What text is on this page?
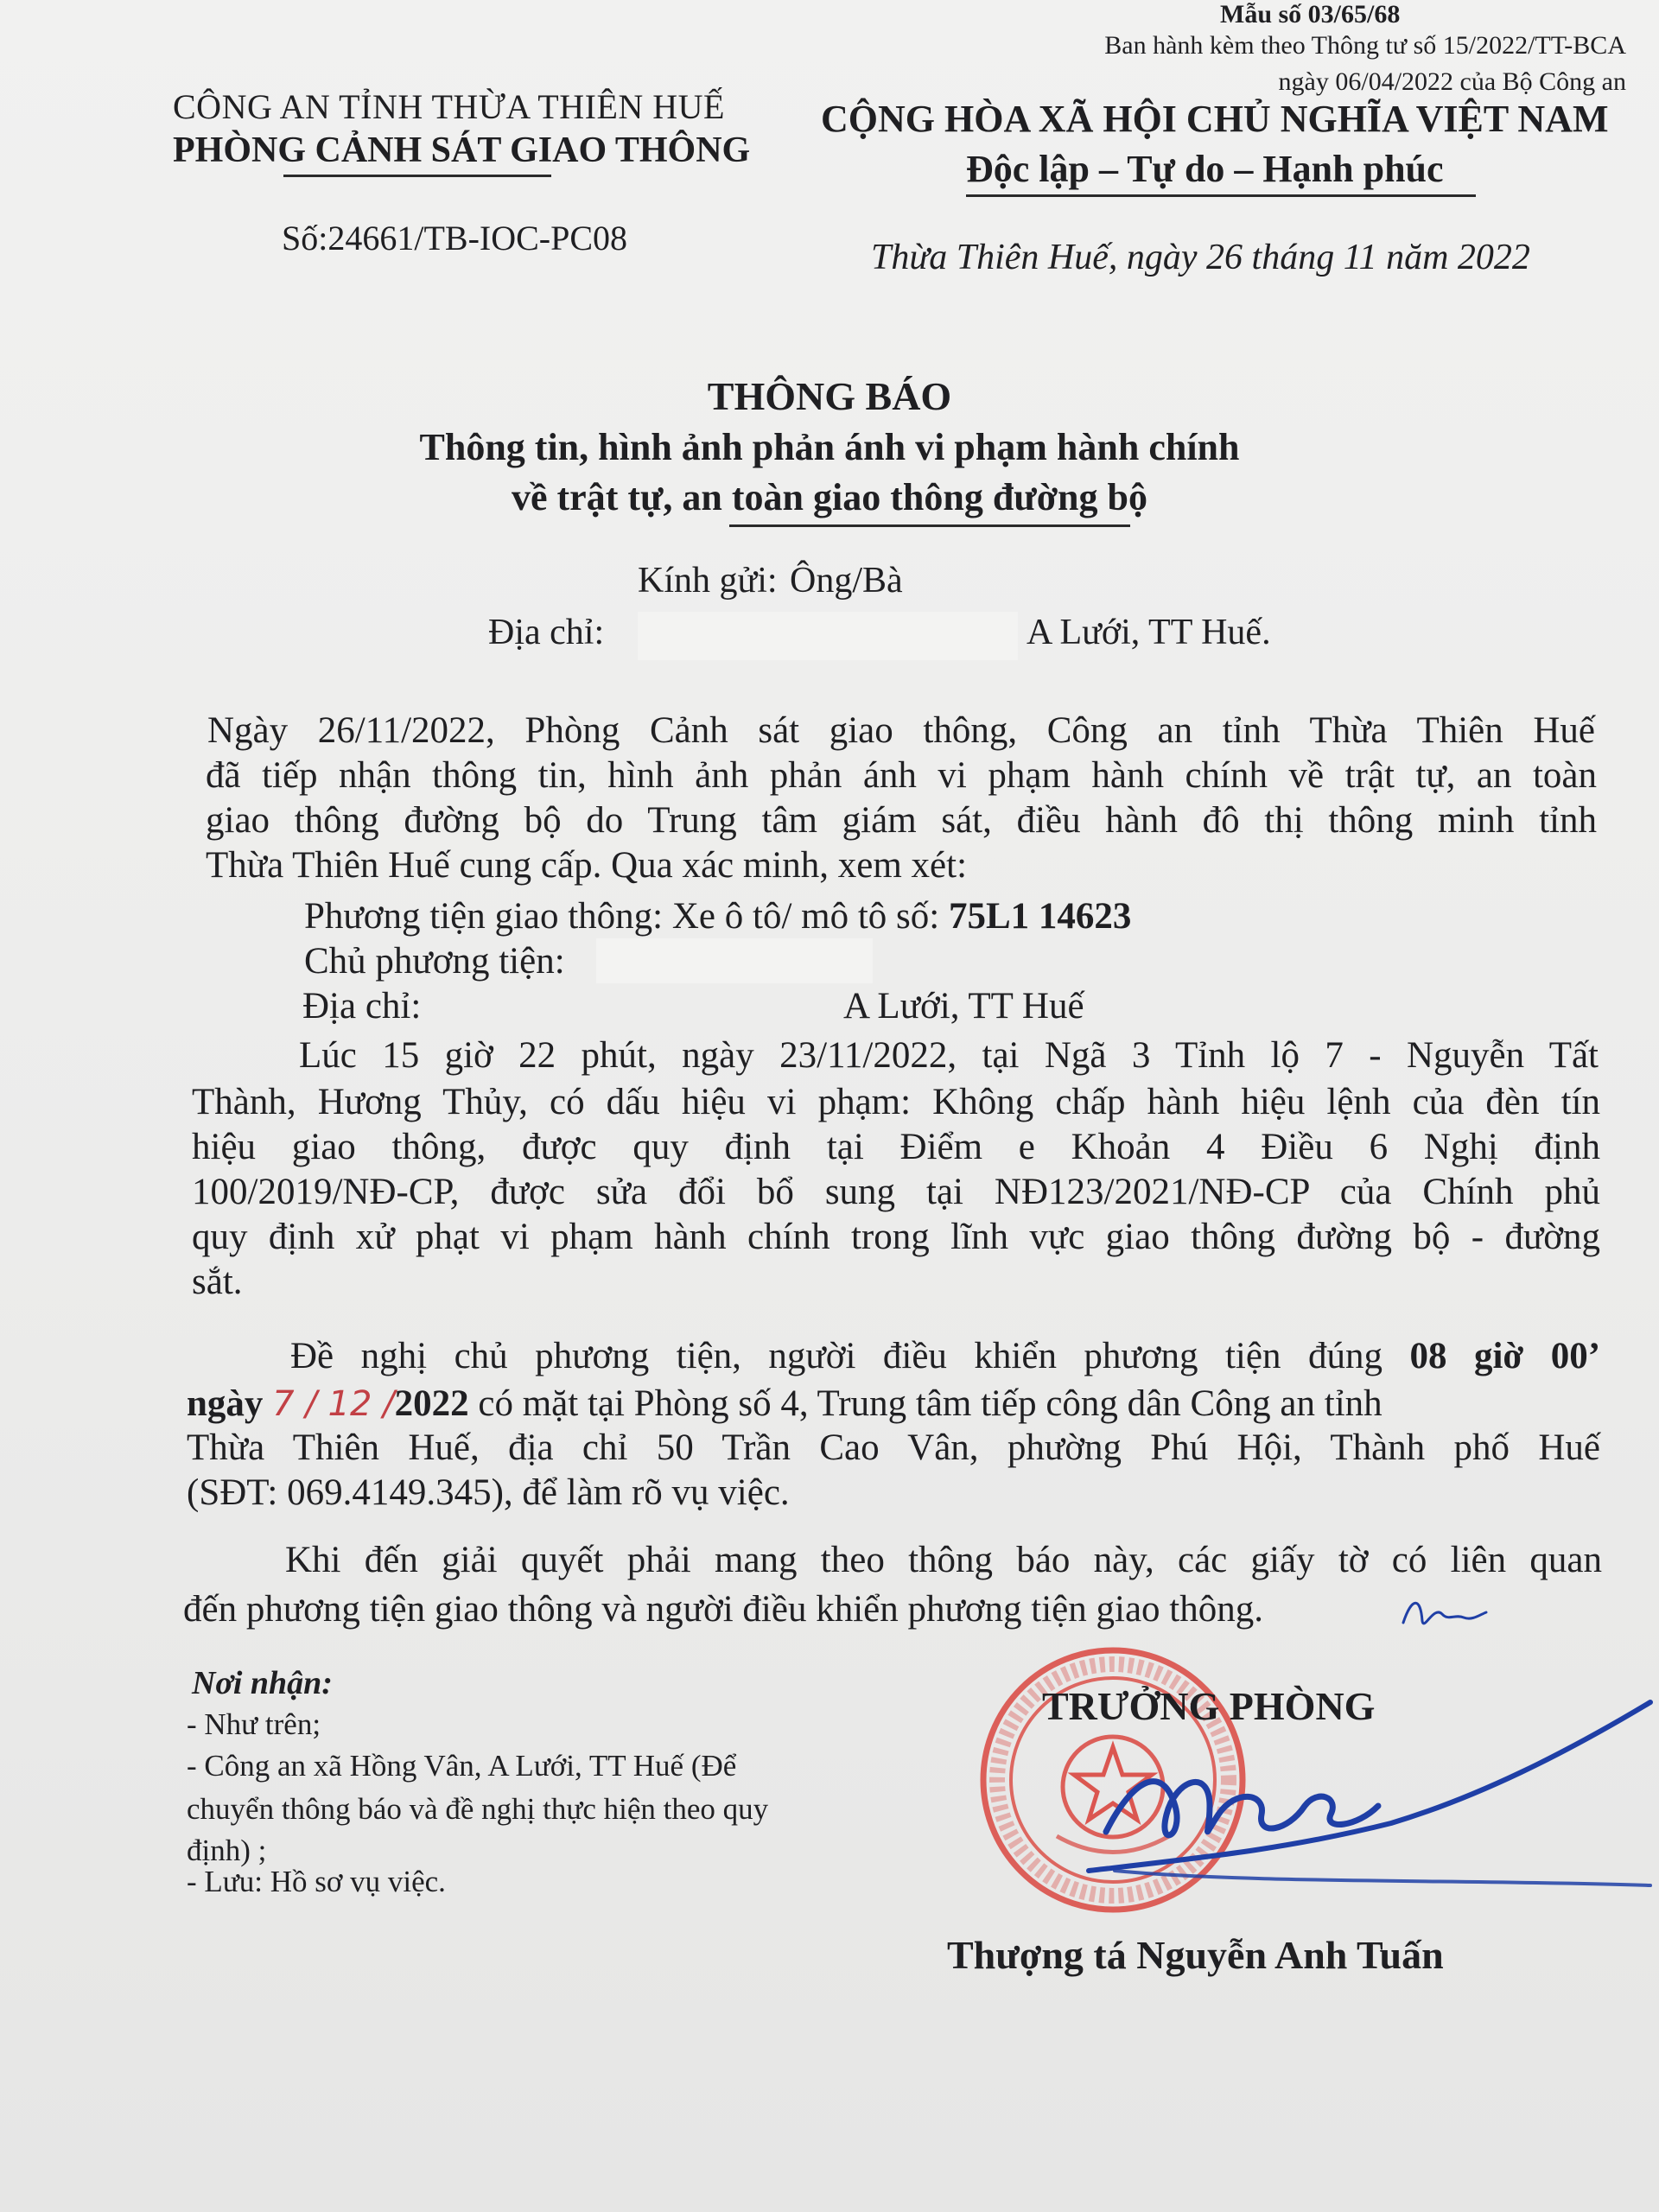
Mẫu số 03/65/68
Ban hành kèm theo Thông tư số 15/2022/TT-BCA
ngày 06/04/2022 của Bộ Công an
CÔNG AN TỈNH THỪA THIÊN HUẾ
PHÒNG CẢNH SÁT GIAO THÔNG
Số:24661/TB-IOC-PC08
CỘNG HÒA XÃ HỘI CHỦ NGHĨA VIỆT NAM
Độc lập – Tự do – Hạnh phúc
Thừa Thiên Huế, ngày 26 tháng 11 năm 2022
THÔNG BÁO
Thông tin, hình ảnh phản ánh vi phạm hành chính
về trật tự, an toàn giao thông đường bộ
Kính gửi: Ông/Bà
Địa chỉ:	A Lưới, TT Huế.
Ngày 26/11/2022, Phòng Cảnh sát giao thông, Công an tỉnh Thừa Thiên Huế
đã tiếp nhận thông tin, hình ảnh phản ánh vi phạm hành chính về trật tự, an toàn
giao thông đường bộ do Trung tâm giám sát, điều hành đô thị thông minh tỉnh
Thừa Thiên Huế cung cấp. Qua xác minh, xem xét:
Phương tiện giao thông: Xe ô tô/ mô tô số: 75L1 14623
Chủ phương tiện:
Địa chỉ:	A Lưới, TT Huế
Lúc 15 giờ 22 phút, ngày 23/11/2022, tại Ngã 3 Tỉnh lộ 7 - Nguyễn Tất
Thành, Hương Thủy, có dấu hiệu vi phạm: Không chấp hành hiệu lệnh của đèn tín
hiệu giao thông, được quy định tại Điểm e Khoản 4 Điều 6 Nghị định
100/2019/NĐ-CP, được sửa đổi bổ sung tại NĐ123/2021/NĐ-CP của Chính phủ
quy định xử phạt vi phạm hành chính trong lĩnh vực giao thông đường bộ - đường
sắt.
Đề nghị chủ phương tiện, người điều khiển phương tiện đúng 08 giờ 00’
ngày 7 / 12 /2022 có mặt tại Phòng số 4, Trung tâm tiếp công dân Công an tỉnh
Thừa Thiên Huế, địa chỉ 50 Trần Cao Vân, phường Phú Hội, Thành phố Huế
(SĐT: 069.4149.345), để làm rõ vụ việc.
Khi đến giải quyết phải mang theo thông báo này, các giấy tờ có liên quan
đến phương tiện giao thông và người điều khiển phương tiện giao thông.
Nơi nhận:
- Như trên;
- Công an xã Hồng Vân, A Lưới, TT Huế (Để
chuyển thông báo và đề nghị thực hiện theo quy
định) ;
- Lưu: Hồ sơ vụ việc.
TRƯỞNG PHÒNG
Thượng tá Nguyễn Anh Tuấn
